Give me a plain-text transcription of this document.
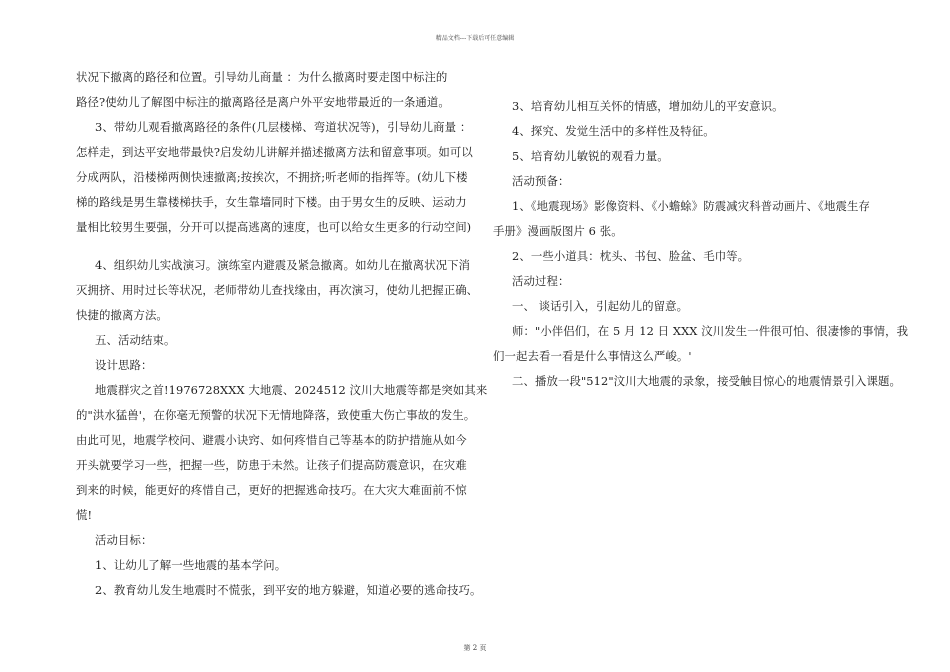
精品文档---下载后可任意编辑
状况下撤离的路径和位置。引导幼儿商量 ：为什么撤离时要走图中标注的
路径?使幼儿了解图中标注的撤离路径是离户外平安地带最近的一条通道。
3、带幼儿观看撤离路径的条件(几层楼梯、弯道状况等)，引导幼儿商量 ：
怎样走，到达平安地带最快?启发幼儿讲解并描述撤离方法和留意事项。如可以
分成两队，沿楼梯两侧快速撤离;按挨次，不拥挤;听老师的指挥等。(幼儿下楼
梯的路线是男生靠楼梯扶手，女生靠墙同时下楼。由于男女生的反映、运动力
量相比较男生要强，分开可以提高逃离的速度，也可以给女生更多的行动空间)
4、组织幼儿实战演习。演练室内避震及紧急撤离。如幼儿在撤离状况下消
灭拥挤、用时过长等状况，老师带幼儿查找缘由，再次演习，使幼儿把握正确、
快捷的撤离方法。
五、活动结束。
设计思路：
地震群灾之首!1976728XXX 大地震、2024512 汶川大地震等都是突如其来
的"洪水猛兽'，在你毫无预警的状况下无情地降落，致使重大伤亡事故的发生。
由此可见，地震学校问、避震小诀窍、如何疼惜自己等基本的防护措施从如今
开头就要学习一些，把握一些，防患于未然。让孩子们提高防震意识，在灾难
到来的时候，能更好的疼惜自己，更好的把握逃命技巧。在大灾大难面前不惊
慌!
活动目标：
1、让幼儿了解一些地震的基本学问。
2、教育幼儿发生地震时不慌张，到平安的地方躲避，知道必要的逃命技巧。
3、培育幼儿相互关怀的情感，增加幼儿的平安意识。
4、探究、发觉生活中的多样性及特征。
5、培育幼儿敏锐的观看力量。
活动预备：
1、《地震现场》影像资料、《小蟾蜍》防震减灾科普动画片、《地震生存
手册》漫画版图片 6 张。
2、一些小道具：枕头、书包、脸盆、毛巾等。
活动过程：
一、 谈话引入，引起幼儿的留意。
师："小伴侣们，在 5 月 12 日 XXX 汶川发生一件很可怕、很凄惨的事情，我
们一起去看一看是什么事情这么严峻。'
二、播放一段"512"汶川大地震的录象，接受触目惊心的地震情景引入课题。
第 2 页
